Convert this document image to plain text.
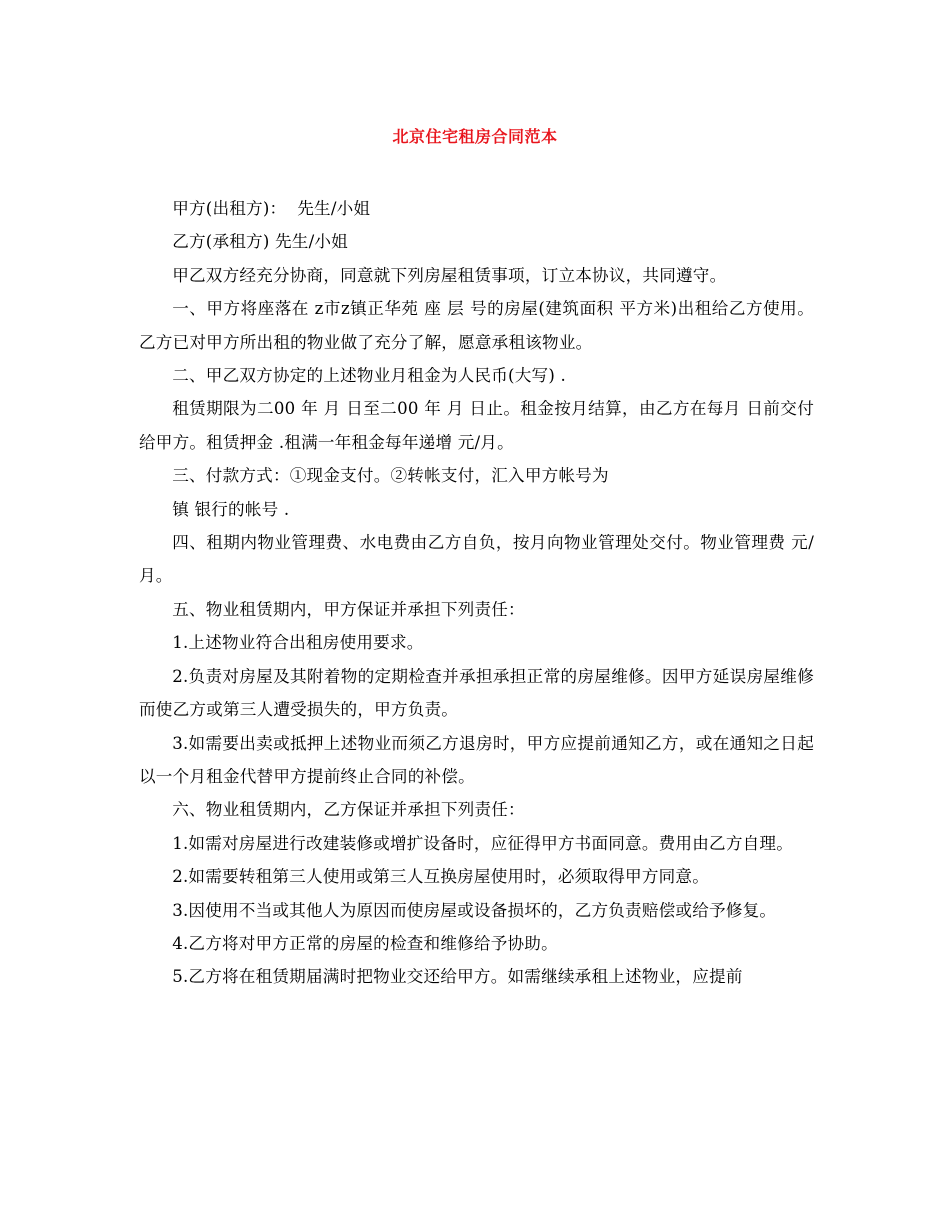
北京住宅租房合同范本

甲方(出租方)：  先生/小姐

乙方(承租方) 先生/小姐

甲乙双方经充分协商，同意就下列房屋租赁事项，订立本协议，共同遵守。

一、甲方将座落在 z市z镇正华苑 座 层 号的房屋(建筑面积 平方米)出租给乙方使用。乙方已对甲方所出租的物业做了充分了解，愿意承租该物业。

二、甲乙双方协定的上述物业月租金为人民币(大写) .

租赁期限为二00 年 月 日至二00 年 月 日止。租金按月结算，由乙方在每月 日前交付给甲方。租赁押金 .租满一年租金每年递增 元/月。

三、付款方式：①现金支付。②转帐支付，汇入甲方帐号为

镇 银行的帐号 .

四、租期内物业管理费、水电费由乙方自负，按月向物业管理处交付。物业管理费 元/月。

五、物业租赁期内，甲方保证并承担下列责任：

1.上述物业符合出租房使用要求。

2.负责对房屋及其附着物的定期检查并承担承担正常的房屋维修。因甲方延误房屋维修而使乙方或第三人遭受损失的，甲方负责。

3.如需要出卖或抵押上述物业而须乙方退房时，甲方应提前通知乙方，或在通知之日起以一个月租金代替甲方提前终止合同的补偿。

六、物业租赁期内，乙方保证并承担下列责任：

1.如需对房屋进行改建装修或增扩设备时，应征得甲方书面同意。费用由乙方自理。

2.如需要转租第三人使用或第三人互换房屋使用时，必须取得甲方同意。

3.因使用不当或其他人为原因而使房屋或设备损坏的，乙方负责赔偿或给予修复。

4.乙方将对甲方正常的房屋的检查和维修给予协助。

5.乙方将在租赁期届满时把物业交还给甲方。如需继续承租上述物业，应提前
